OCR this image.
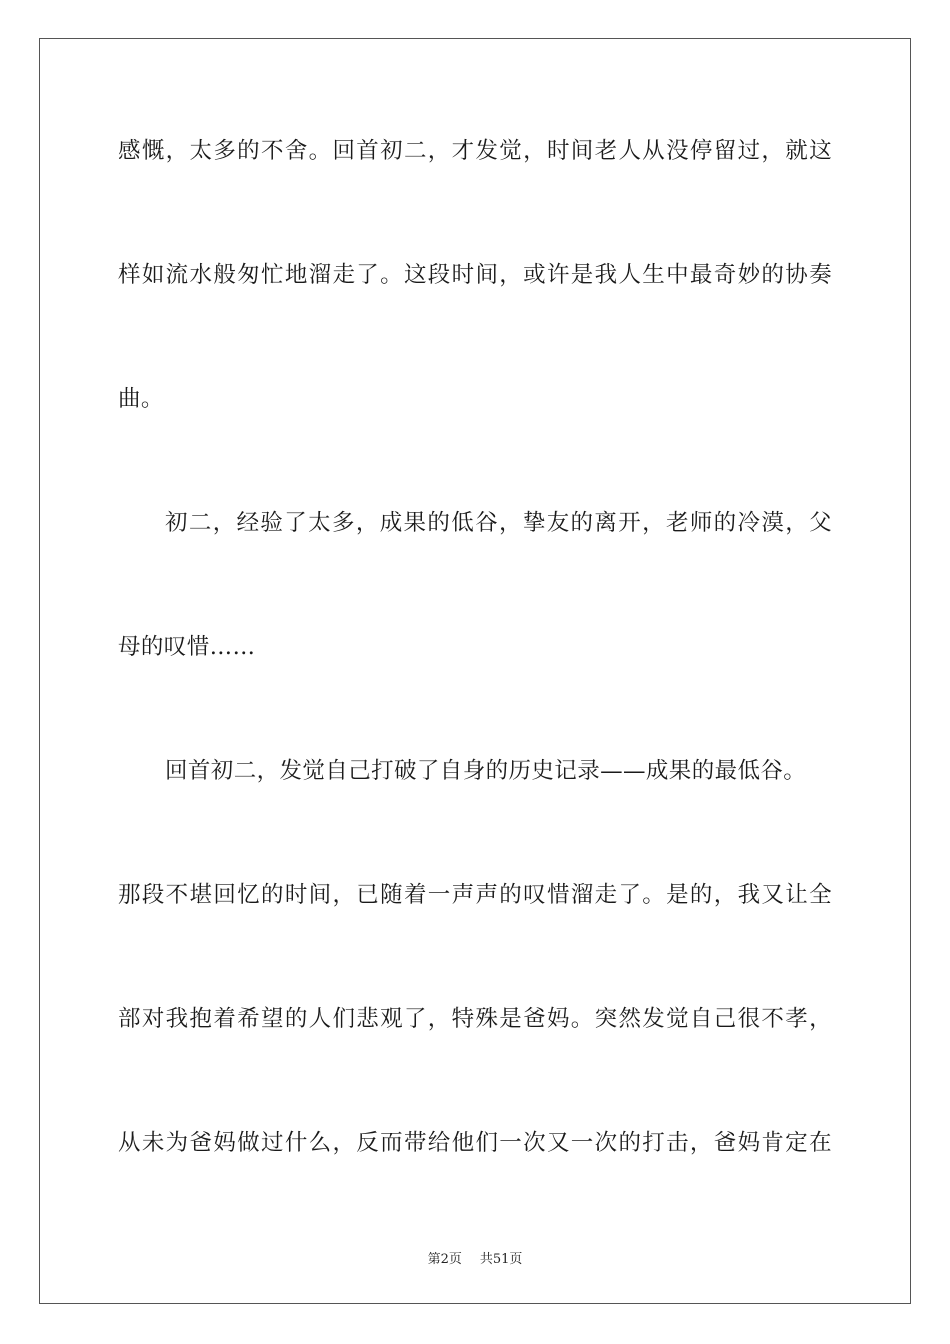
感慨，太多的不舍。回首初二，才发觉，时间老人从没停留过，就这
样如流水般匆忙地溜走了。这段时间，或许是我人生中最奇妙的协奏
曲。
初二，经验了太多，成果的低谷，挚友的离开，老师的冷漠，父
母的叹惜……
回首初二，发觉自己打破了自身的历史记录——成果的最低谷。
那段不堪回忆的时间，已随着一声声的叹惜溜走了。是的，我又让全
部对我抱着希望的人们悲观了，特殊是爸妈。突然发觉自己很不孝，
从未为爸妈做过什么，反而带给他们一次又一次的打击，爸妈肯定在
第2页 共51页
